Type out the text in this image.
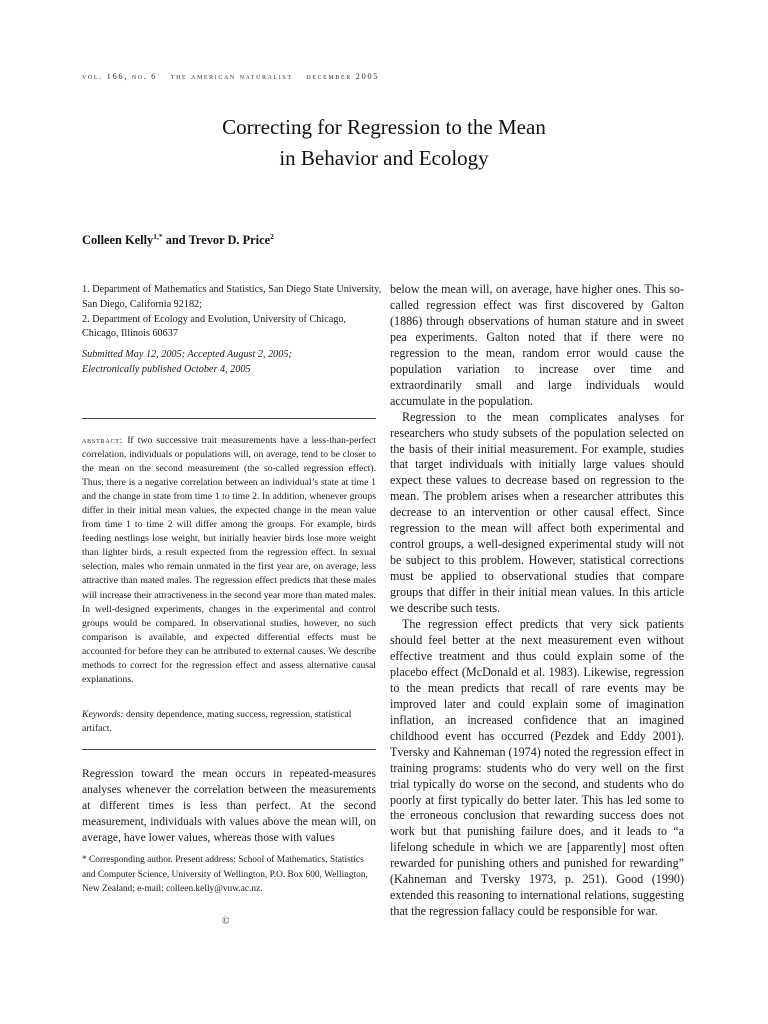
vol. 166, no. 6 the american naturalist december 2005
Correcting for Regression to the Mean
in Behavior and Ecology
Colleen Kelly$^{1,*}$ and Trevor D. Price$^2$
1. Department of Mathematics and Statistics, San Diego State University, San Diego, California 92182;
2. Department of Ecology and Evolution, University of Chicago, Chicago, Illinois 60637
Submitted May 12, 2005; Accepted August 2, 2005;
Electronically published October 4, 2005
abstract: If two successive trait measurements have a less-than-perfect correlation, individuals or populations will, on average, tend to be closer to the mean on the second measurement (the so-called regression effect). Thus, there is a negative correlation between an individual’s state at time 1 and the change in state from time 1 to time 2. In addition, whenever groups differ in their initial mean values, the expected change in the mean value from time 1 to time 2 will differ among the groups. For example, birds feeding nestlings lose weight, but initially heavier birds lose more weight than lighter birds, a result expected from the regression effect. In sexual selection, males who remain unmated in the first year are, on average, less attractive than mated males. The regression effect predicts that these males will increase their attractiveness in the second year more than mated males. In well-designed experiments, changes in the experimental and control groups would be compared. In observational studies, however, no such comparison is available, and expected differential effects must be accounted for before they can be attributed to external causes. We describe methods to correct for the regression effect and assess alternative causal explanations.
Keywords: density dependence, mating success, regression, statistical artifact.
Regression toward the mean occurs in repeated-measures analyses whenever the correlation between the measurements at different times is less than perfect. At the second measurement, individuals with values above the mean will, on average, have lower values, whereas those with values
* Corresponding author. Present address: School of Mathematics, Statistics and Computer Science, University of Wellington, P.O. Box 600, Wellington, New Zealand; e-mail: colleen.kelly@vuw.ac.nz.
©

below the mean will, on average, have higher ones. This so-called regression effect was first discovered by Galton (1886) through observations of human stature and in sweet pea experiments. Galton noted that if there were no regression to the mean, random error would cause the population variation to increase over time and extraordinarily small and large individuals would accumulate in the population.

Regression to the mean complicates analyses for researchers who study subsets of the population selected on the basis of their initial measurement. For example, studies that target individuals with initially large values should expect these values to decrease based on regression to the mean. The problem arises when a researcher attributes this decrease to an intervention or other causal effect. Since regression to the mean will affect both experimental and control groups, a well-designed experimental study will not be subject to this problem. However, statistical corrections must be applied to observational studies that compare groups that differ in their initial mean values. In this article we describe such tests.

The regression effect predicts that very sick patients should feel better at the next measurement even without effective treatment and thus could explain some of the placebo effect (McDonald et al. 1983). Likewise, regression to the mean predicts that recall of rare events may be improved later and could explain some of imagination inflation, an increased confidence that an imagined childhood event has occurred (Pezdek and Eddy 2001). Tversky and Kahneman (1974) noted the regression effect in training programs: students who do very well on the first trial typically do worse on the second, and students who do poorly at first typically do better later. This has led some to the erroneous conclusion that rewarding success does not work but that punishing failure does, and it leads to “a lifelong schedule in which we are [apparently] most often rewarded for punishing others and punished for rewarding” (Kahneman and Tversky 1973, p. 251). Good (1990) extended this reasoning to international relations, suggesting that the regression fallacy could be responsible for war.
